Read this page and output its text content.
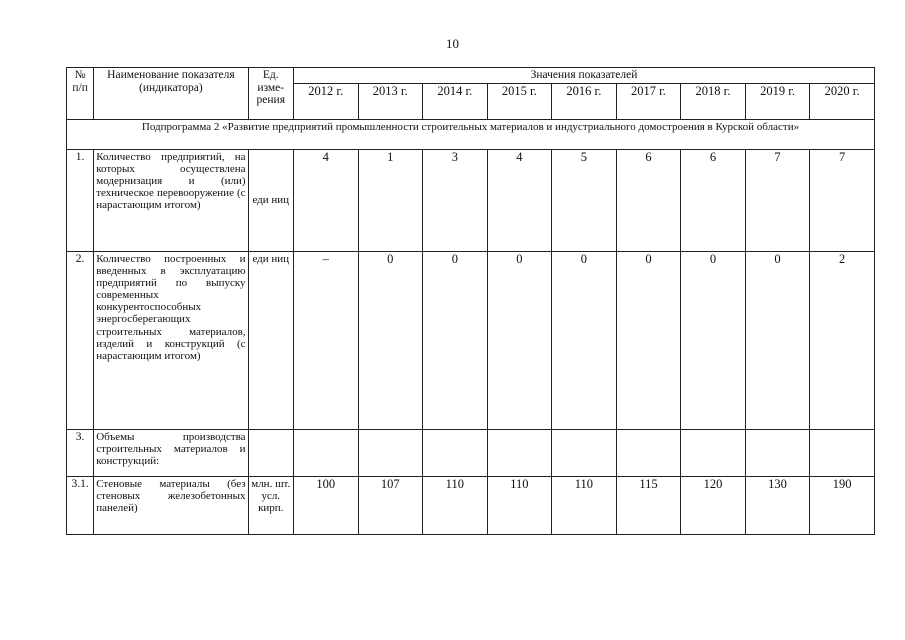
10
№ п/п	Наименование показателя (индикатора)	Ед. изме-рения	Значения показателей								
			2012 г.	2013 г.	2014 г.	2015 г.	2016 г.	2017 г.	2018 г.	2019 г.	2020 г.
Подпрограмма 2 «Развитие предприятий промышленности строительных материалов и индустриального домостроения в Курской области»											
1.	Количество предприятий, на которых осуществлена модернизация и (или) техническое перевооружение (с нарастающим итогом)	еди ниц	4	1	3	4	5	6	6	7	7
2.	Количество построенных и введенных в эксплуатацию предприятий по выпуску современных конкурентоспособных энергосберегающих строительных материалов, изделий и конструкций (с нарастающим итогом)	еди ниц	–	0	0	0	0	0	0	0	2
3.	Объемы производства строительных материалов и конструкций:										
3.1.	Стеновые материалы (без стеновых железобетонных панелей)	млн. шт. усл. кирп.	100	107	110	110	110	115	120	130	190
